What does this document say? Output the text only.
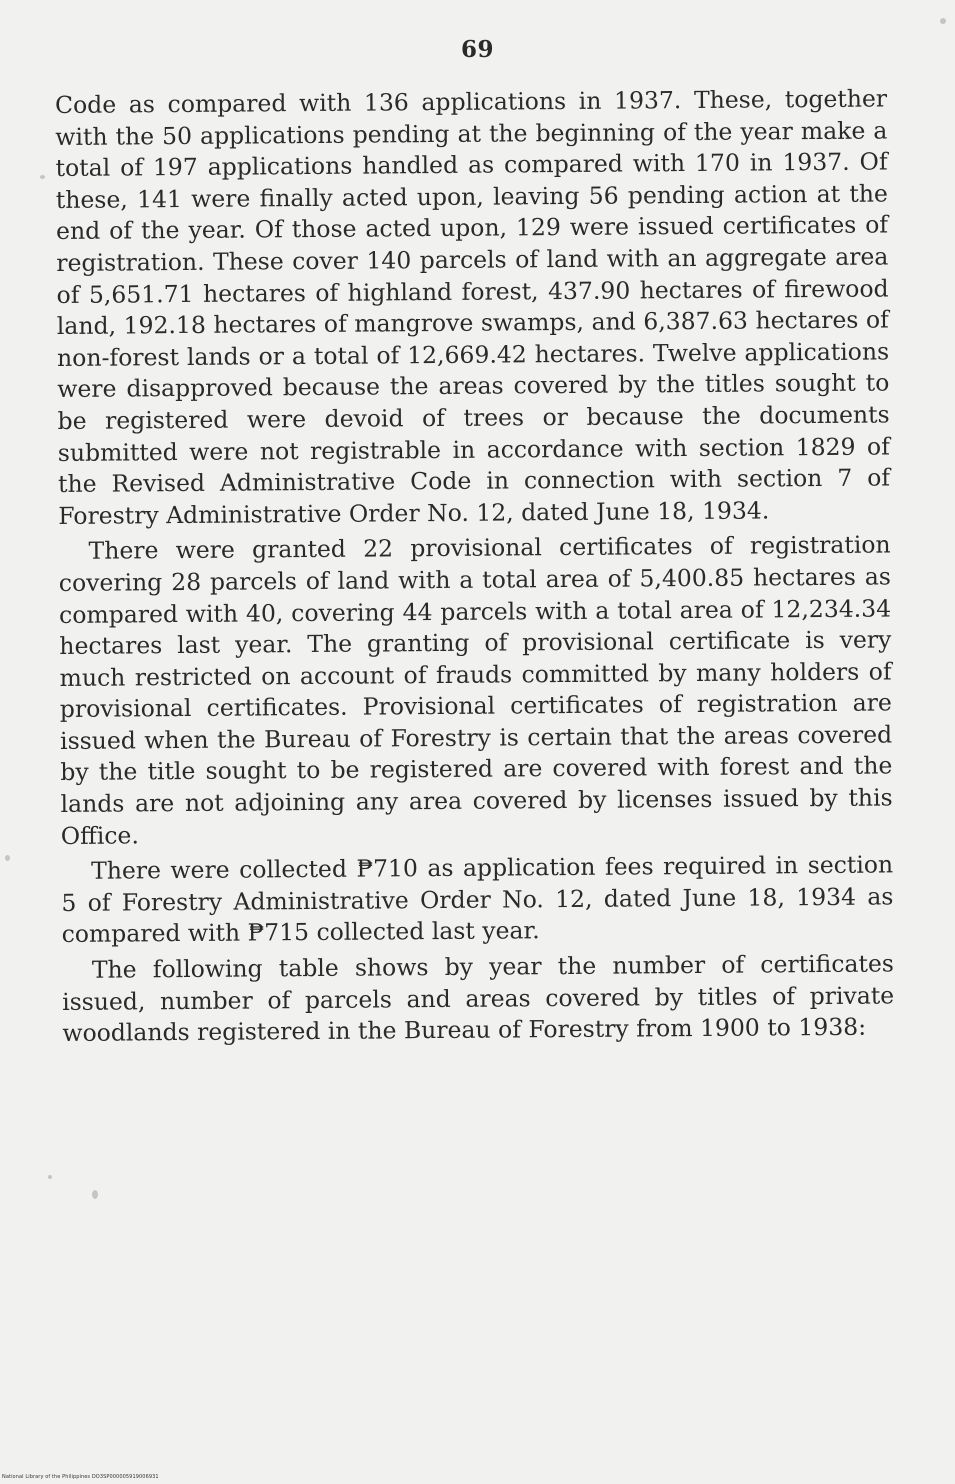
69

Code as compared with 136 applications in 1937. These, together with the 50 applications pending at the beginning of the year make a total of 197 applications handled as compared with 170 in 1937. Of these, 141 were finally acted upon, leaving 56 pending action at the end of the year. Of those acted upon, 129 were issued certificates of registration. These cover 140 parcels of land with an aggregate area of 5,651.71 hectares of highland forest, 437.90 hectares of firewood land, 192.18 hectares of mangrove swamps, and 6,387.63 hectares of non-forest lands or a total of 12,669.42 hectares. Twelve applications were disapproved because the areas covered by the titles sought to be registered were devoid of trees or because the documents submitted were not registrable in accordance with section 1829 of the Revised Administrative Code in connection with section 7 of Forestry Administrative Order No. 12, dated June 18, 1934.

There were granted 22 provisional certificates of registration covering 28 parcels of land with a total area of 5,400.85 hectares as compared with 40, covering 44 parcels with a total area of 12,234.34 hectares last year. The granting of provisional certificate is very much restricted on account of frauds committed by many holders of provisional certificates. Provisional certificates of registration are issued when the Bureau of Forestry is certain that the areas covered by the title sought to be registered are covered with forest and the lands are not adjoining any area covered by licenses issued by this Office.

There were collected ₱710 as application fees required in section 5 of Forestry Administrative Order No. 12, dated June 18, 1934 as compared with ₱715 collected last year.

The following table shows by year the number of certificates issued, number of parcels and areas covered by titles of private woodlands registered in the Bureau of Forestry from 1900 to 1938:

National Library of the Philippines DO3SP000005919006931
